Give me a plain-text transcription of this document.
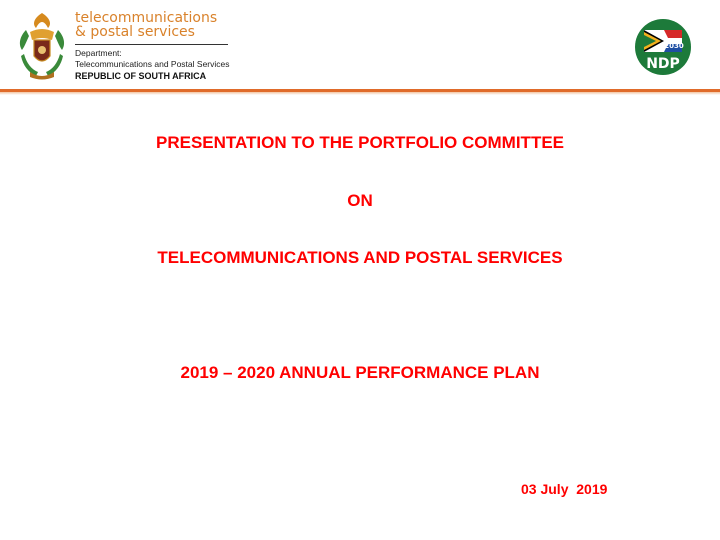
telecommunications
& postal services
Department:
Telecommunications and Postal Services
REPUBLIC OF SOUTH AFRICA
2030
NDP
PRESENTATION TO THE PORTFOLIO COMMITTEE
ON
TELECOMMUNICATIONS AND POSTAL SERVICES
2019 – 2020 ANNUAL PERFORMANCE PLAN
03 July  2019
